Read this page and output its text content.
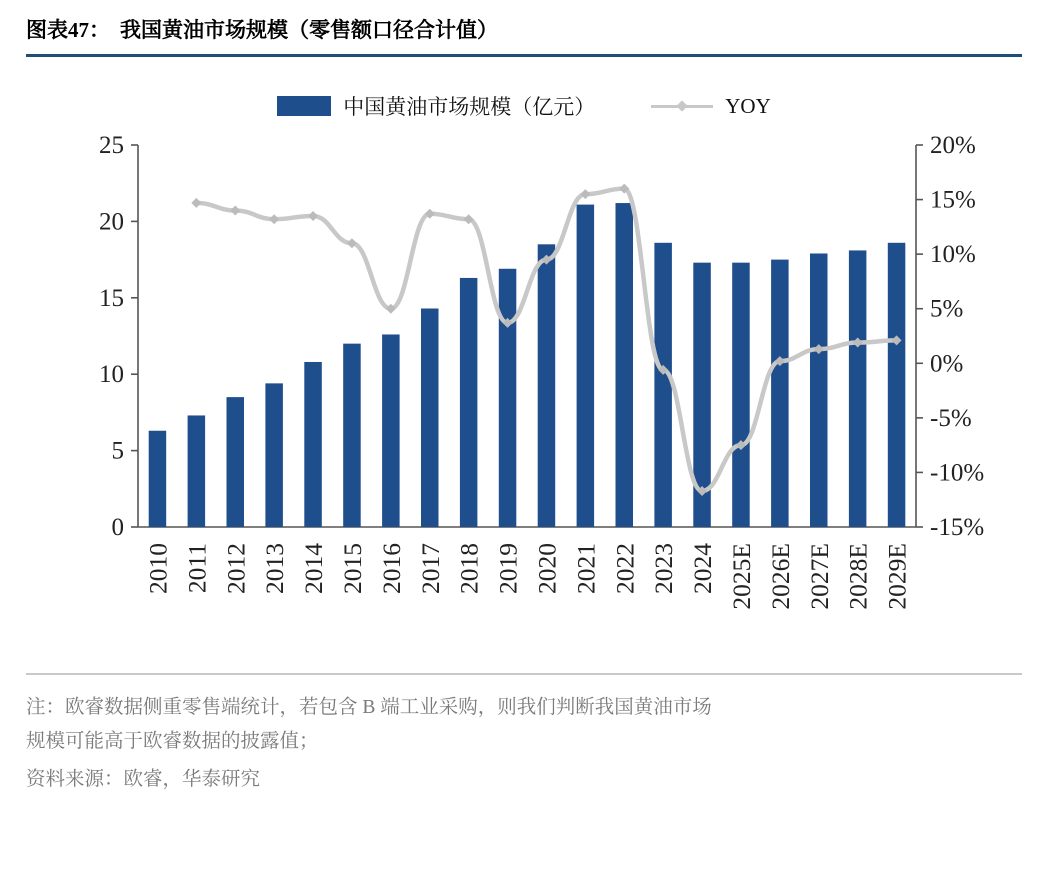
图表47： 我国黄油市场规模（零售额口径合计值）
中国黄油市场规模（亿元）	YOY
0
5
10
15
20
25
-15%
-10%
-5%
0%
5%
10%
15%
20%
2010 2011 2012 2013 2014 2015 2016 2017 2018 2019 2020 2021 2022 2023 2024 2025E 2026E 2027E 2028E 2029E
注：欧睿数据侧重零售端统计，若包含 B 端工业采购，则我们判断我国黄油市场
规模可能高于欧睿数据的披露值；
资料来源：欧睿，华泰研究
